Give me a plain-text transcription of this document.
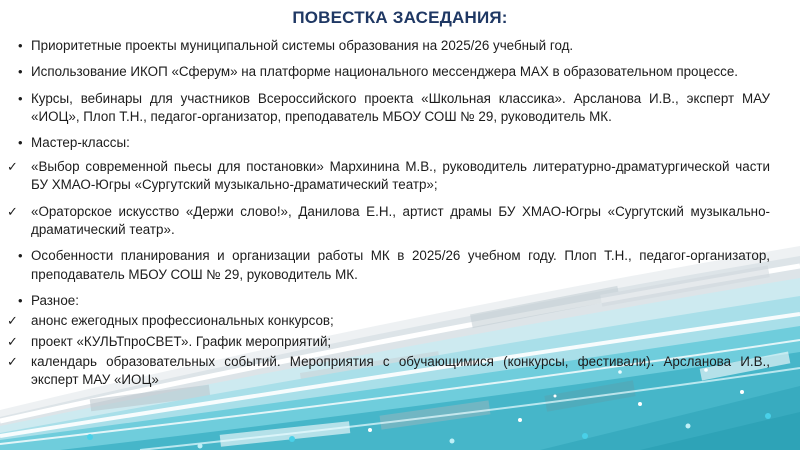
ПОВЕСТКА ЗАСЕДАНИЯ:
• Приоритетные проекты муниципальной системы образования на 2025/26 учебный год.
• Использование ИКОП «Сферум» на платформе национального мессенджера MAX в образовательном процессе.
• Курсы, вебинары для участников Всероссийского проекта «Школьная классика». Арсланова И.В., эксперт МАУ «ИОЦ», Плоп Т.Н., педагог-организатор, преподаватель МБОУ СОШ № 29, руководитель МК.
• Мастер-классы:
✓ «Выбор современной пьесы для постановки» Мархинина М.В., руководитель литературно-драматургической части БУ ХМАО-Югры «Сургутский музыкально-драматический театр»;
✓ «Ораторское искусство «Держи слово!», Данилова Е.Н., артист драмы БУ ХМАО-Югры «Сургутский музыкально-драматический театр».
• Особенности планирования и организации работы МК в 2025/26 учебном году. Плоп Т.Н., педагог-организатор, преподаватель МБОУ СОШ № 29, руководитель МК.
• Разное:
✓ анонс ежегодных профессиональных конкурсов;
✓ проект «КУЛЬТпроСВЕТ». График мероприятий;
✓ календарь образовательных событий. Мероприятия с обучающимися (конкурсы, фестивали). Арсланова И.В., эксперт МАУ «ИОЦ»
